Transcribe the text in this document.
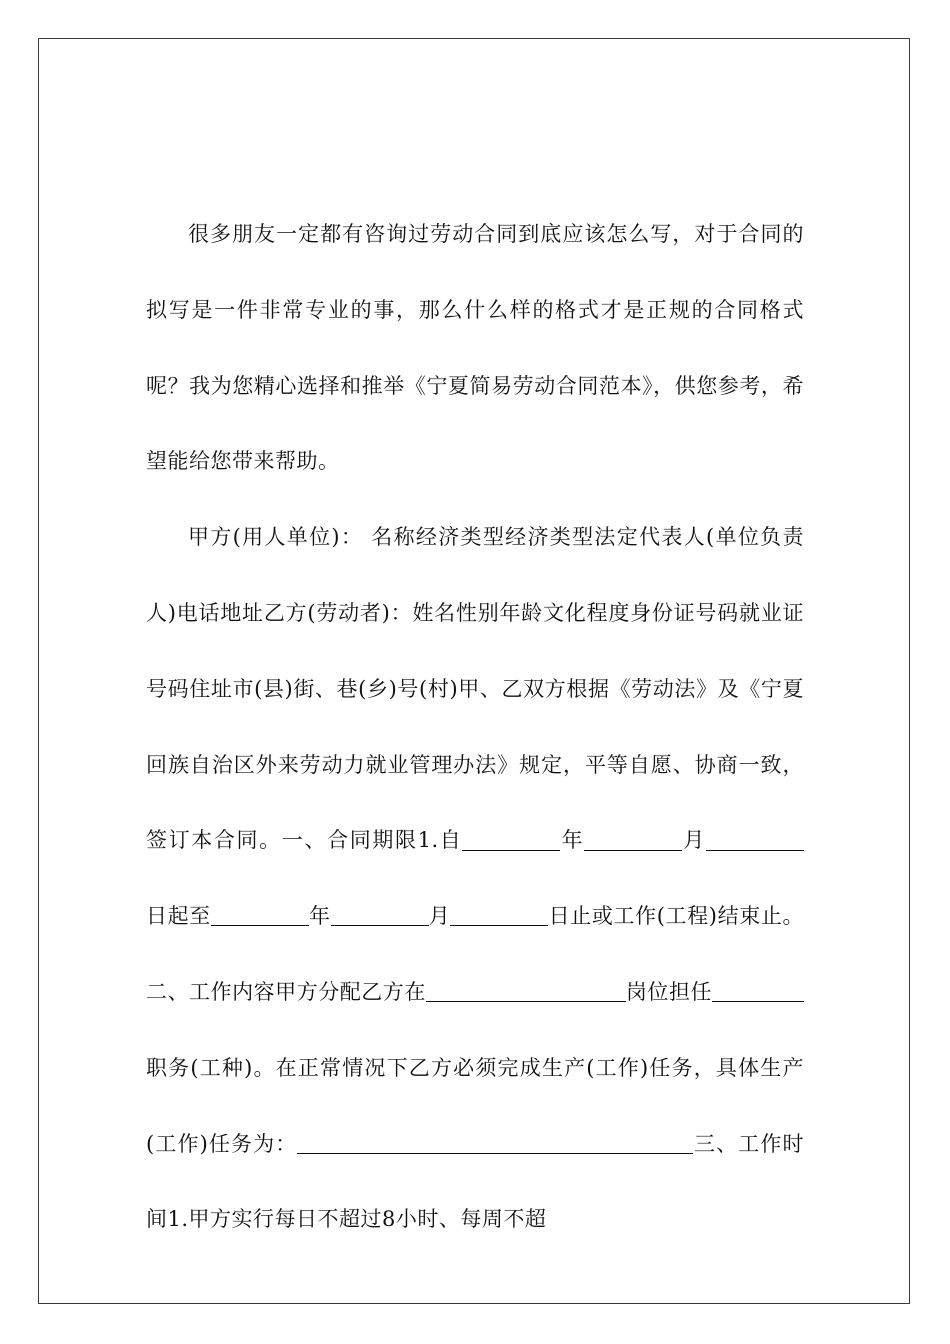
很多朋友一定都有咨询过劳动合同到底应该怎么写，对于合同的拟写是一件非常专业的事，那么什么样的格式才是正规的合同格式呢？我为您精心选择和推举《宁夏简易劳动合同范本》，供您参考，希望能给您带来帮助。

甲方(用人单位)： 名称经济类型经济类型法定代表人(单位负责人)电话地址乙方(劳动者)：姓名性别年龄文化程度身份证号码就业证号码住址市(县)街、巷(乡)号(村)甲、乙双方根据《劳动法》及《宁夏回族自治区外来劳动力就业管理办法》规定，平等自愿、协商一致，签订本合同。一、合同期限1.自	年	月日起至	年	月	日止或工作(工程)结束止。二、工作内容甲方分配乙方在	岗位担任职务(工种)。在正常情况下乙方必须完成生产(工作)任务，具体生产(工作)任务为：	三、工作时间1.甲方实行每日不超过8小时、每周不超
